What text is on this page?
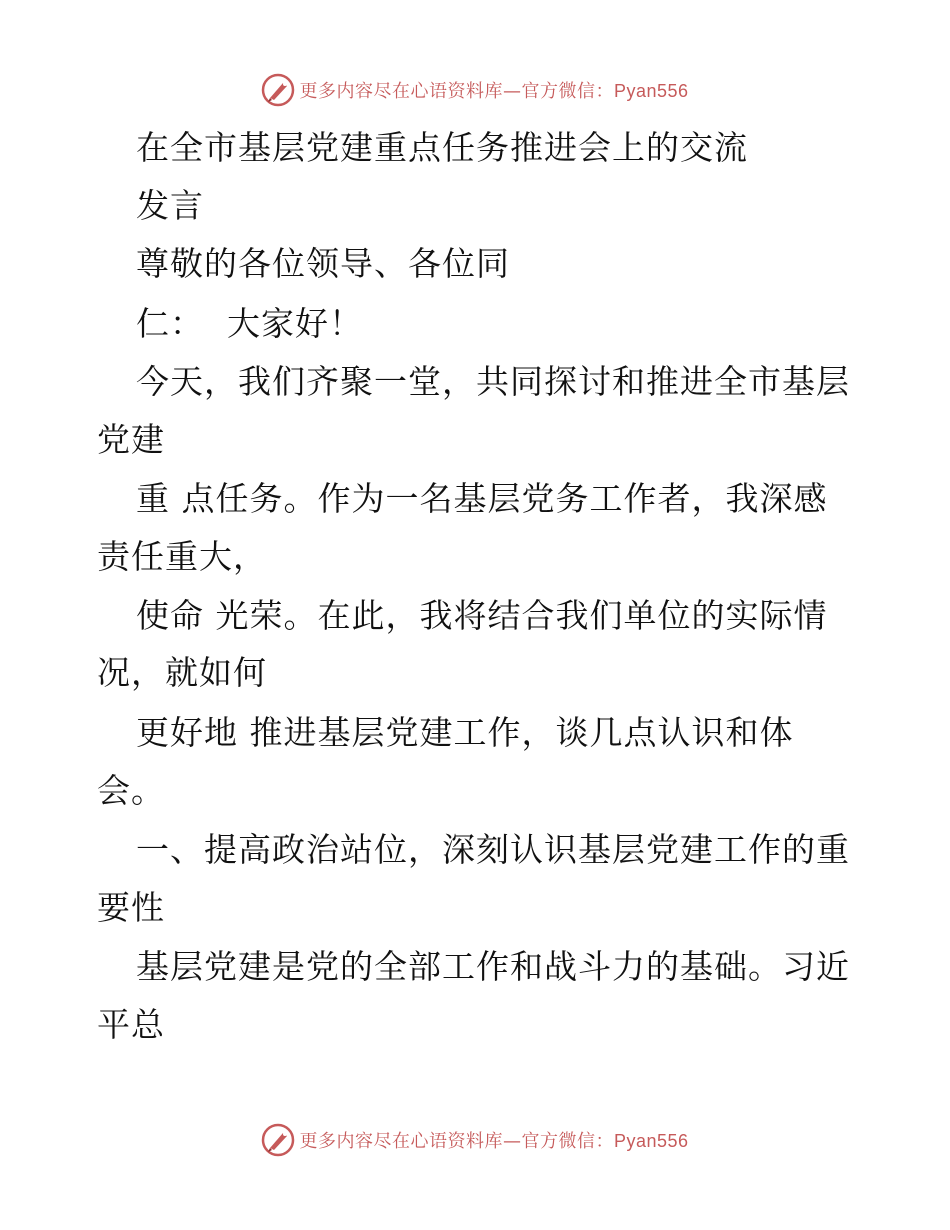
更多内容尽在心语资料库—官方微信：Pyan556
在全市基层党建重点任务推进会上的交流
发言
尊敬的各位领导、各位同
仁：  大家好！
今天，我们齐聚一堂，共同探讨和推进全市基层
党建
重 点任务。作为一名基层党务工作者，我深感
责任重大，
使命 光荣。在此，我将结合我们单位的实际情
况，就如何
更好地 推进基层党建工作，谈几点认识和体
会。
一、提高政治站位，深刻认识基层党建工作的重
要性
基层党建是党的全部工作和战斗力的基础。习近
平总
更多内容尽在心语资料库—官方微信：Pyan556
